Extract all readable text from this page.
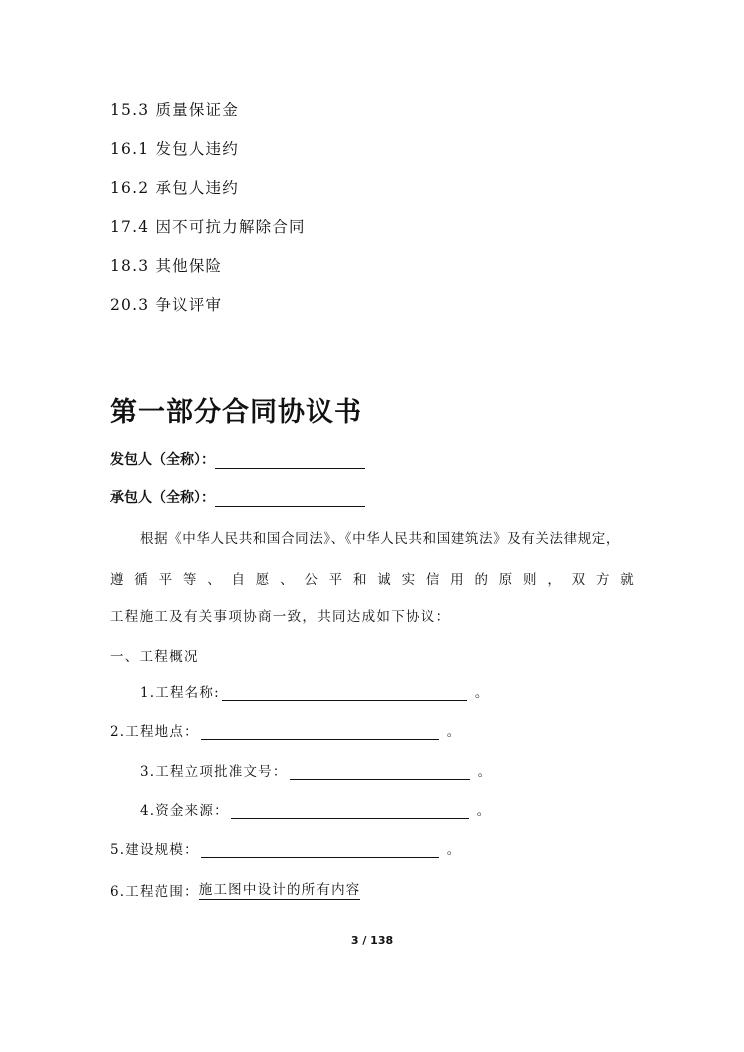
15.3 质量保证金
16.1 发包人违约
16.2 承包人违约
17.4 因不可抗力解除合同
18.3 其他保险
20.3 争议评审
第一部分合同协议书
发包人（全称）：
承包人（全称）：
根据《中华人民共和国合同法》、《中华人民共和国建筑法》及有关法律规定，
遵 循 平 等 、 自 愿 、 公 平 和 诚 实 信 用 的 原 则 ， 双 方 就
工程施工及有关事项协商一致，共同达成如下协议：
一、工程概况
1.工程名称:	。
2.工程地点：	。
3.工程立项批准文号：	。
4.资金来源：	。
5.建设规模：	。
6.工程范围： 施工图中设计的所有内容
3 / 138
